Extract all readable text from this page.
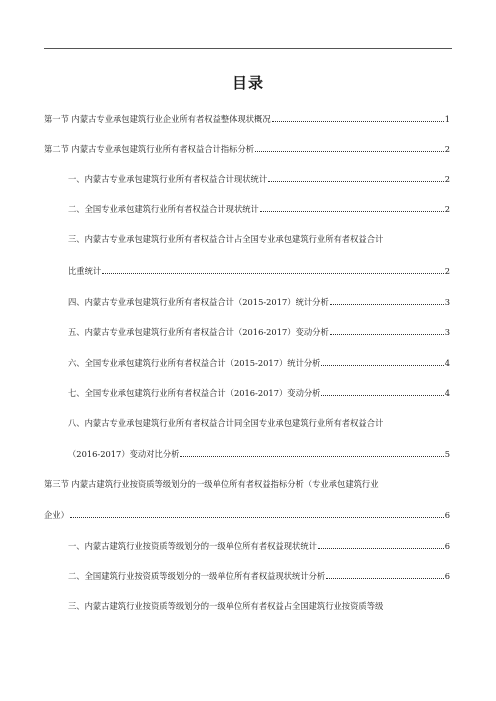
目录
第一节 内蒙古专业承包建筑行业企业所有者权益整体现状概况	1
第二节 内蒙古专业承包建筑行业所有者权益合计指标分析	2
一、内蒙古专业承包建筑行业所有者权益合计现状统计	2
二、全国专业承包建筑行业所有者权益合计现状统计	2
三、内蒙古专业承包建筑行业所有者权益合计占全国专业承包建筑行业所有者权益合计
比重统计	2
四、内蒙古专业承包建筑行业所有者权益合计（2015-2017）统计分析	3
五、内蒙古专业承包建筑行业所有者权益合计（2016-2017）变动分析	3
六、全国专业承包建筑行业所有者权益合计（2015-2017）统计分析	4
七、全国专业承包建筑行业所有者权益合计（2016-2017）变动分析	4
八、内蒙古专业承包建筑行业所有者权益合计同全国专业承包建筑行业所有者权益合计
（2016-2017）变动对比分析	5
第三节 内蒙古建筑行业按资质等级划分的一级单位所有者权益指标分析（专业承包建筑行业
企业）	6
一、内蒙古建筑行业按资质等级划分的一级单位所有者权益现状统计	6
二、全国建筑行业按资质等级划分的一级单位所有者权益现状统计分析	6
三、内蒙古建筑行业按资质等级划分的一级单位所有者权益占全国建筑行业按资质等级
